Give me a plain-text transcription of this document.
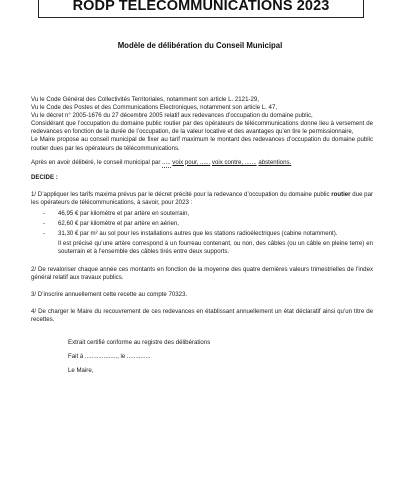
RODP TELECOMMUNICATIONS 2023
Modèle de délibération du Conseil Municipal

Vu le Code Général des Collectivités Territoriales, notamment son article L. 2121-29,

Vu le Code des Postes et des Communications Electroniques, notamment son article L. 47,

Vu le décret n° 2005-1676 du 27 décembre 2005 relatif aux redevances d’occupation du domaine public,

Considérant que l’occupation du domaine public routier par des opérateurs de télécommunications donne lieu à versement de redevances en fonction de la durée de l’occupation, de la valeur locative et des avantages qu’en tire le permissionnaire,

Le Maire propose au conseil municipal de fixer au tarif maximum le montant des redevances d’occupation du domaine public routier dues par les opérateurs de télécommunications.

Après en avoir délibéré, le conseil municipal par ..... voix pour, ...... voix contre, ....... abstentions.

DECIDE :

1/ D’appliquer les tarifs maxima prévus par le décret précité pour la redevance d’occupation du domaine public routier due par les opérateurs de télécommunications, à savoir, pour 2023 :

- 46,95 € par kilomètre et par artère en souterrain,
- 62,60 € par kilomètre et par artère en aérien,
- 31,30 € par m² au sol pour les installations autres que les stations radioélectriques (cabine notamment).

Il est précisé qu’une artère correspond à un fourreau contenant, ou non, des câbles (ou un câble en pleine terre) en souterrain et à l’ensemble des câbles tirés entre deux supports.

2/ De revaloriser chaque année ces montants en fonction de la moyenne des quatre dernières valeurs trimestrielles de l’index général relatif aux travaux publics.

3/ D’inscrire annuellement cette recette au compte 70323.

4/ De charger le Maire du recouvrement de ces redevances en établissant annuellement un état déclaratif ainsi qu’un titre de recettes.

Extrait certifié conforme au registre des délibérations

Fait à ..................., le ..............

Le Maire,
